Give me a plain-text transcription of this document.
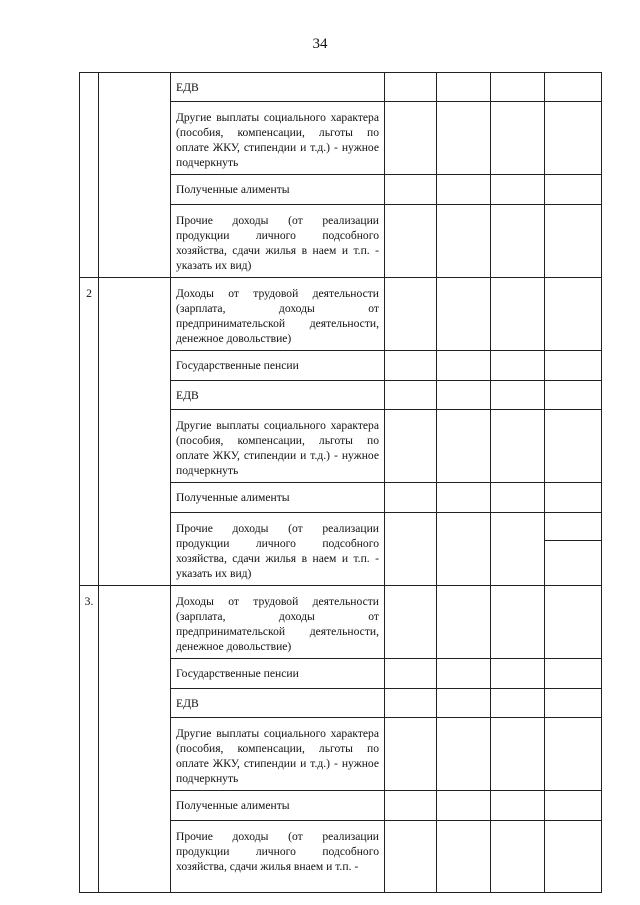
34

		ЕДВ				

		Другие выплаты социального характера (пособия, компенсации, льготы по оплате ЖКУ, стипендии и т.д.) - нужное подчеркнуть				

		Полученные алименты				

		Прочие доходы (от реализации продукции личного подсобного хозяйства, сдачи жилья в наем и т.п. - указать их вид)				

2		Доходы от трудовой деятельности (зарплата, доходы от предпринимательской деятельности, денежное довольствие)				

		Государственные пенсии				

		ЕДВ				

		Другие выплаты социального характера (пособия, компенсации, льготы по оплате ЖКУ, стипендии и т.д.) - нужное подчеркнуть				

		Полученные алименты				

		Прочие доходы (от реализации продукции личного подсобного хозяйства, сдачи жилья в наем и т.п. - указать их вид)				

3.		Доходы от трудовой деятельности (зарплата, доходы от предпринимательской деятельности, денежное довольствие)				

		Государственные пенсии				

		ЕДВ				

		Другие выплаты социального характера (пособия, компенсации, льготы по оплате ЖКУ, стипендии и т.д.) - нужное подчеркнуть				

		Полученные алименты				

		Прочие доходы (от реализации продукции личного подсобного хозяйства, сдачи жилья внаем и т.п. -				
